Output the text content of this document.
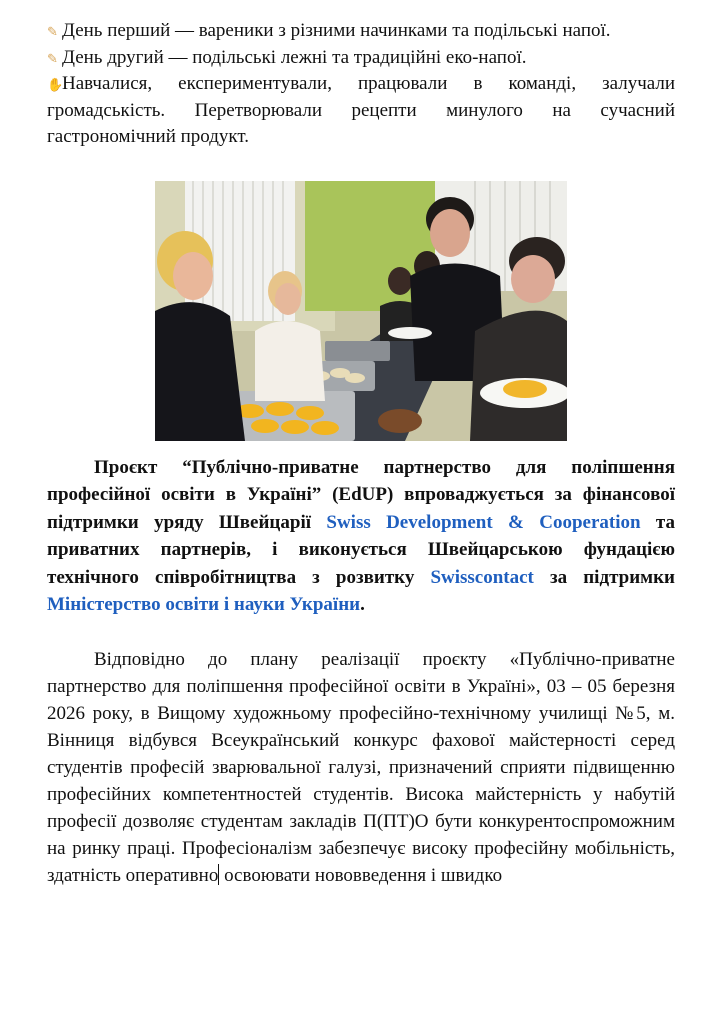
✎ День перший — вареники з різними начинками та подільські напої.

✎ День другий — подільські лежні та традиційні еко-напої.

✋Навчалися, експериментували, працювали в команді, залучали громадськість. Перетворювали рецепти минулого на сучасний гастрономічний продукт.

Проєкт “Публічно-приватне партнерство для поліпшення професійної освіти в Україні” (EdUP) впроваджується за фінансової підтримки уряду Швейцарії Swiss Development & Cooperation та приватних партнерів, і виконується Швейцарською фундацією технічного співробітництва з розвитку Swisscontact за підтримки Міністерство освіти і науки України.

Відповідно до плану реалізації проєкту «Публічно-приватне партнерство для поліпшення професійної освіти в Україні», 03 – 05 березня 2026 року, в Вищому художньому професійно-технічному училищі №5, м. Вінниця відбувся Всеукраїнський конкурс фахової майстерності серед студентів професій зварювальної галузі, призначений сприяти підвищенню професійних компетентностей студентів. Висока майстерність у набутій професії дозволяє студентам закладів П(ПТ)О бути конкурентоспроможним на ринку праці. Професіоналізм забезпечує високу професійну мобільність, здатність оперативно освоювати нововведення і швидко
